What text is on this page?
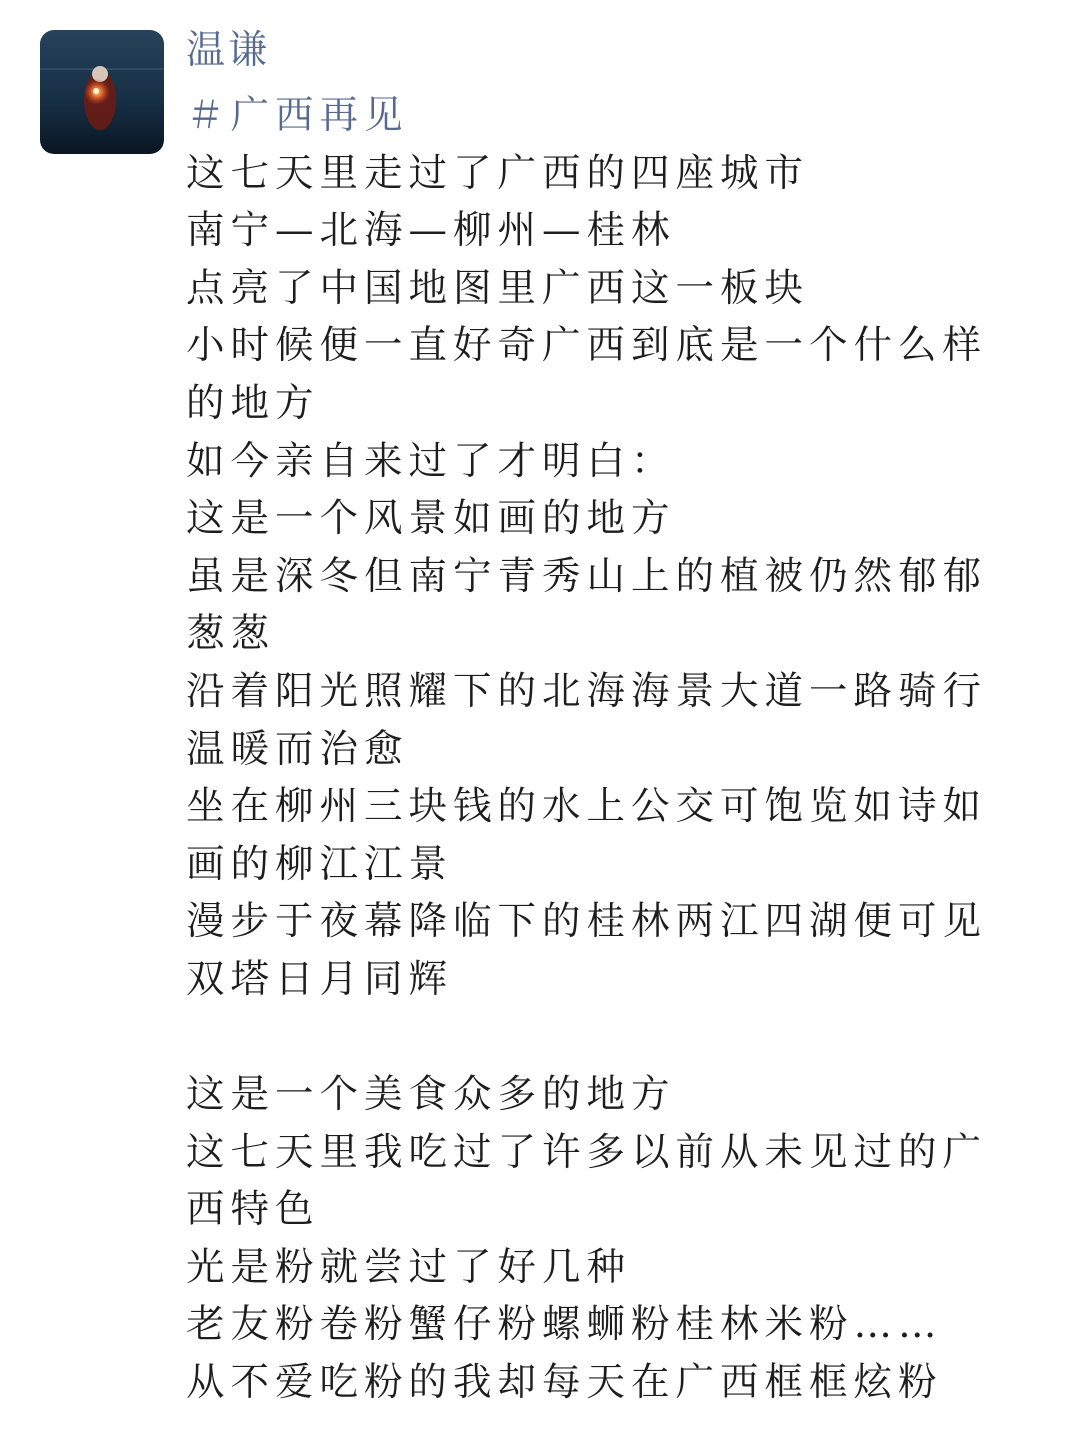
温谦
＃广西再见
这七天里走过了广西的四座城市
南宁—北海—柳州—桂林
点亮了中国地图里广西这一板块
小时候便一直好奇广西到底是一个什么样
的地方
如今亲自来过了才明白：
这是一个风景如画的地方
虽是深冬但南宁青秀山上的植被仍然郁郁
葱葱
沿着阳光照耀下的北海海景大道一路骑行
温暖而治愈
坐在柳州三块钱的水上公交可饱览如诗如
画的柳江江景
漫步于夜幕降临下的桂林两江四湖便可见
双塔日月同辉
这是一个美食众多的地方
这七天里我吃过了许多以前从未见过的广
西特色
光是粉就尝过了好几种
老友粉卷粉蟹仔粉螺蛳粉桂林米粉……
从不爱吃粉的我却每天在广西框框炫粉
